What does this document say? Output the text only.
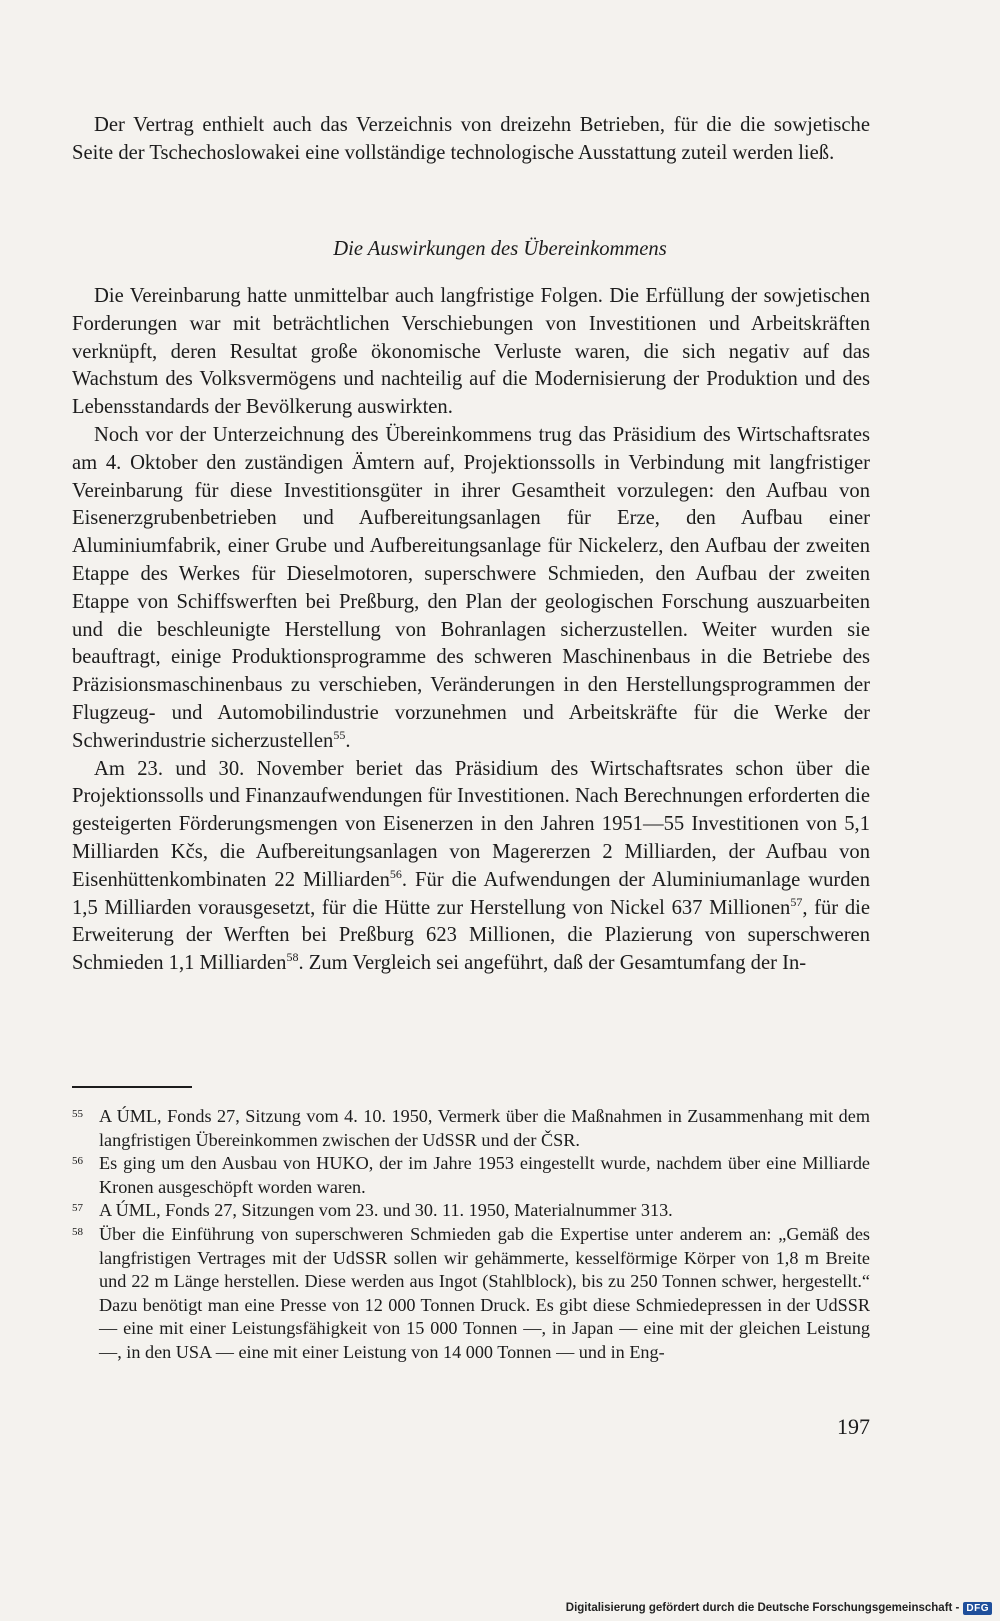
Der Vertrag enthielt auch das Verzeichnis von dreizehn Betrieben, für die die sowjetische Seite der Tschechoslowakei eine vollständige technologische Ausstattung zuteil werden ließ.

Die Auswirkungen des Übereinkommens

Die Vereinbarung hatte unmittelbar auch langfristige Folgen. Die Erfüllung der sowjetischen Forderungen war mit beträchtlichen Verschiebungen von Investitionen und Arbeitskräften verknüpft, deren Resultat große ökonomische Verluste waren, die sich negativ auf das Wachstum des Volksvermögens und nachteilig auf die Modernisierung der Produktion und des Lebensstandards der Bevölkerung auswirkten.

Noch vor der Unterzeichnung des Übereinkommens trug das Präsidium des Wirtschaftsrates am 4. Oktober den zuständigen Ämtern auf, Projektionssolls in Verbindung mit langfristiger Vereinbarung für diese Investitionsgüter in ihrer Gesamtheit vorzulegen: den Aufbau von Eisenerzgrubenbetrieben und Aufbereitungsanlagen für Erze, den Aufbau einer Aluminiumfabrik, einer Grube und Aufbereitungsanlage für Nickelerz, den Aufbau der zweiten Etappe des Werkes für Dieselmotoren, superschwere Schmieden, den Aufbau der zweiten Etappe von Schiffswerften bei Preßburg, den Plan der geologischen Forschung auszuarbeiten und die beschleunigte Herstellung von Bohranlagen sicherzustellen. Weiter wurden sie beauftragt, einige Produktionsprogramme des schweren Maschinenbaus in die Betriebe des Präzisionsmaschinenbaus zu verschieben, Veränderungen in den Herstellungsprogrammen der Flugzeug- und Automobilindustrie vorzunehmen und Arbeitskräfte für die Werke der Schwerindustrie sicherzustellen$^{55}$.

Am 23. und 30. November beriet das Präsidium des Wirtschaftsrates schon über die Projektionssolls und Finanzaufwendungen für Investitionen. Nach Berechnungen erforderten die gesteigerten Förderungsmengen von Eisenerzen in den Jahren 1951—55 Investitionen von 5,1 Milliarden Kčs, die Aufbereitungsanlagen von Magererzen 2 Milliarden, der Aufbau von Eisenhüttenkombinaten 22 Milliarden$^{56}$. Für die Aufwendungen der Aluminiumanlage wurden 1,5 Milliarden vorausgesetzt, für die Hütte zur Herstellung von Nickel 637 Millionen$^{57}$, für die Erweiterung der Werften bei Preßburg 623 Millionen, die Plazierung von superschweren Schmieden 1,1 Milliarden$^{58}$. Zum Vergleich sei angeführt, daß der Gesamtumfang der In-

55 A ÚML, Fonds 27, Sitzung vom 4. 10. 1950, Vermerk über die Maßnahmen in Zusammenhang mit dem langfristigen Übereinkommen zwischen der UdSSR und der ČSR.
56 Es ging um den Ausbau von HUKO, der im Jahre 1953 eingestellt wurde, nachdem über eine Milliarde Kronen ausgeschöpft worden waren.
57 A ÚML, Fonds 27, Sitzungen vom 23. und 30. 11. 1950, Materialnummer 313.
58 Über die Einführung von superschweren Schmieden gab die Expertise unter anderem an: „Gemäß des langfristigen Vertrages mit der UdSSR sollen wir gehämmerte, kesselförmige Körper von 1,8 m Breite und 22 m Länge herstellen. Diese werden aus Ingot (Stahlblock), bis zu 250 Tonnen schwer, hergestellt.“ Dazu benötigt man eine Presse von 12 000 Tonnen Druck. Es gibt diese Schmiedepressen in der UdSSR — eine mit einer Leistungsfähigkeit von 15 000 Tonnen —, in Japan — eine mit der gleichen Leistung —, in den USA — eine mit einer Leistung von 14 000 Tonnen — und in Eng-
197
Digitalisierung gefördert durch die Deutsche Forschungsgemeinschaft - DFG
